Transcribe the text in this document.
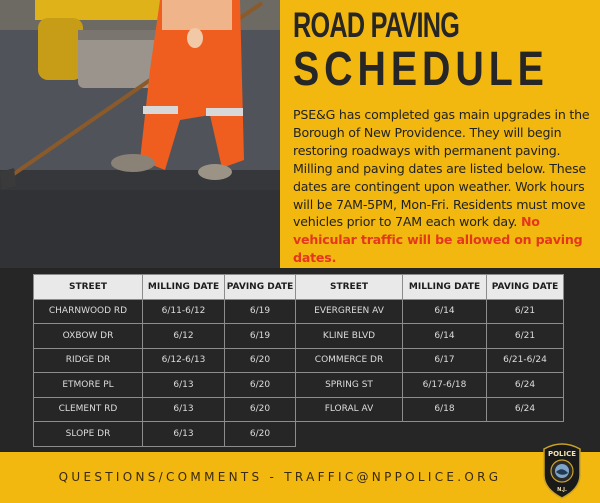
ROAD PAVING
SCHEDULE

PSE&G has completed gas main upgrades in the Borough of New Providence. They will begin restoring roadways with permanent paving. Milling and paving dates are listed below. These dates are contingent upon weather. Work hours will be 7AM-5PM, Mon-Fri. Residents must move vehicles prior to 7AM each work day. No vehicular traffic will be allowed on paving dates.

STREET	MILLING DATE	PAVING DATE
CHARNWOOD RD	6/11-6/12	6/19
OXBOW DR	6/12	6/19
RIDGE DR	6/12-6/13	6/20
ETMORE PL	6/13	6/20
CLEMENT RD	6/13	6/20
SLOPE DR	6/13	6/20
STREET	MILLING DATE	PAVING DATE
EVERGREEN AV	6/14	6/21
KLINE BLVD	6/14	6/21
COMMERCE DR	6/17	6/21-6/24
SPRING ST	6/17-6/18	6/24
FLORAL AV	6/18	6/24
QUESTIONS/COMMENTS - TRAFFIC@NPPOLICE.ORG
POLICE
N.J.
